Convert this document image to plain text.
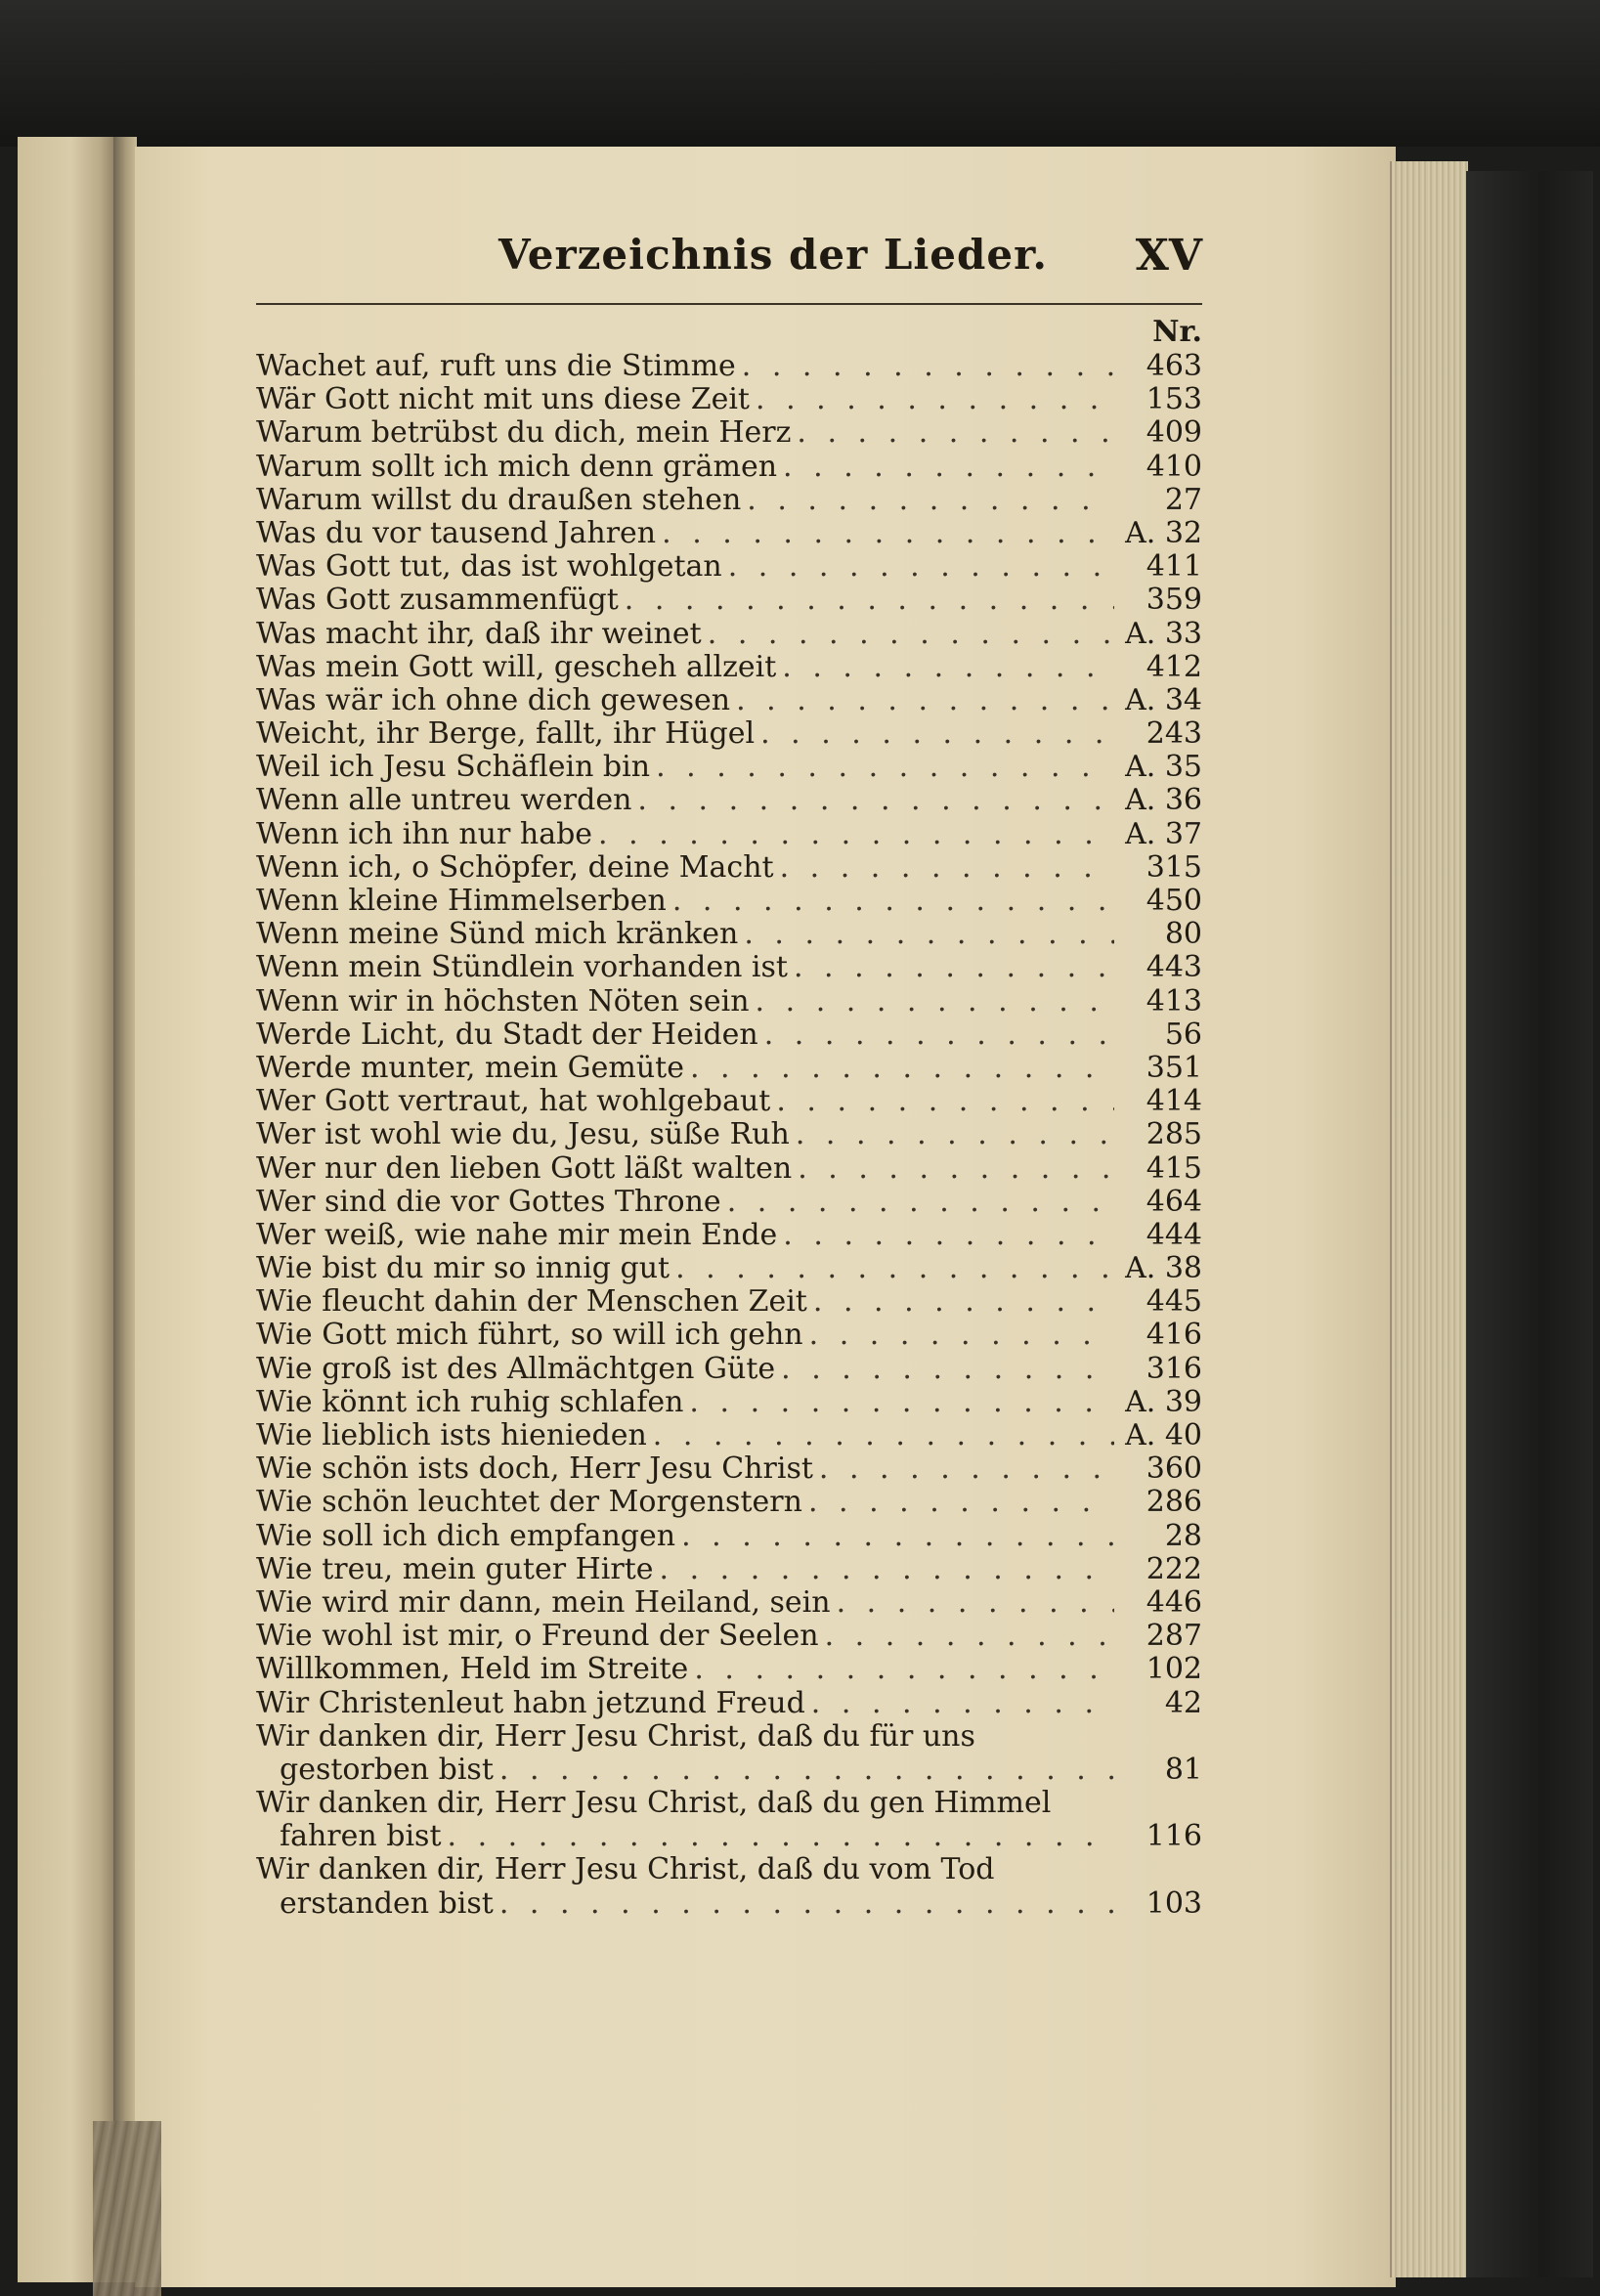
Verzeichnis der Lieder. XV
Nr.
Wachet auf, ruft uns die Stimme . . .	463
Wär Gott nicht mit uns diese Zeit . . .	153
Warum betrübst du dich, mein Herz . . .	409
Warum sollt ich mich denn grämen . . .	410
Warum willst du draußen stehen . . .	27
Was du vor tausend Jahren . . .	A. 32
Was Gott tut, das ist wohlgetan . . .	411
Was Gott zusammenfügt . . .	359
Was macht ihr, daß ihr weinet . . .	A. 33
Was mein Gott will, gescheh allzeit . . .	412
Was wär ich ohne dich gewesen . . .	A. 34
Weicht, ihr Berge, fallt, ihr Hügel . . .	243
Weil ich Jesu Schäflein bin . . .	A. 35
Wenn alle untreu werden . . .	A. 36
Wenn ich ihn nur habe . . .	A. 37
Wenn ich, o Schöpfer, deine Macht . . .	315
Wenn kleine Himmelserben . . .	450
Wenn meine Sünd mich kränken . . .	80
Wenn mein Stündlein vorhanden ist . . .	443
Wenn wir in höchsten Nöten sein . . .	413
Werde Licht, du Stadt der Heiden . . .	56
Werde munter, mein Gemüte . . .	351
Wer Gott vertraut, hat wohlgebaut . . .	414
Wer ist wohl wie du, Jesu, süße Ruh . . .	285
Wer nur den lieben Gott läßt walten . . .	415
Wer sind die vor Gottes Throne . . .	464
Wer weiß, wie nahe mir mein Ende . . .	444
Wie bist du mir so innig gut . . .	A. 38
Wie fleucht dahin der Menschen Zeit . . .	445
Wie Gott mich führt, so will ich gehn . . .	416
Wie groß ist des Allmächtgen Güte . . .	316
Wie könnt ich ruhig schlafen . . .	A. 39
Wie lieblich ists hienieden . . .	A. 40
Wie schön ists doch, Herr Jesu Christ . . .	360
Wie schön leuchtet der Morgenstern . . .	286
Wie soll ich dich empfangen . . .	28
Wie treu, mein guter Hirte . . .	222
Wie wird mir dann, mein Heiland, sein . . .	446
Wie wohl ist mir, o Freund der Seelen . . .	287
Willkommen, Held im Streite . . .	102
Wir Christenleut habn jetzund Freud . . .	42
Wir danken dir, Herr Jesu Christ, daß du für uns
gestorben bist . . .	81
Wir danken dir, Herr Jesu Christ, daß du gen Himmel
fahren bist . . .	116
Wir danken dir, Herr Jesu Christ, daß du vom Tod
erstanden bist . . .	103
